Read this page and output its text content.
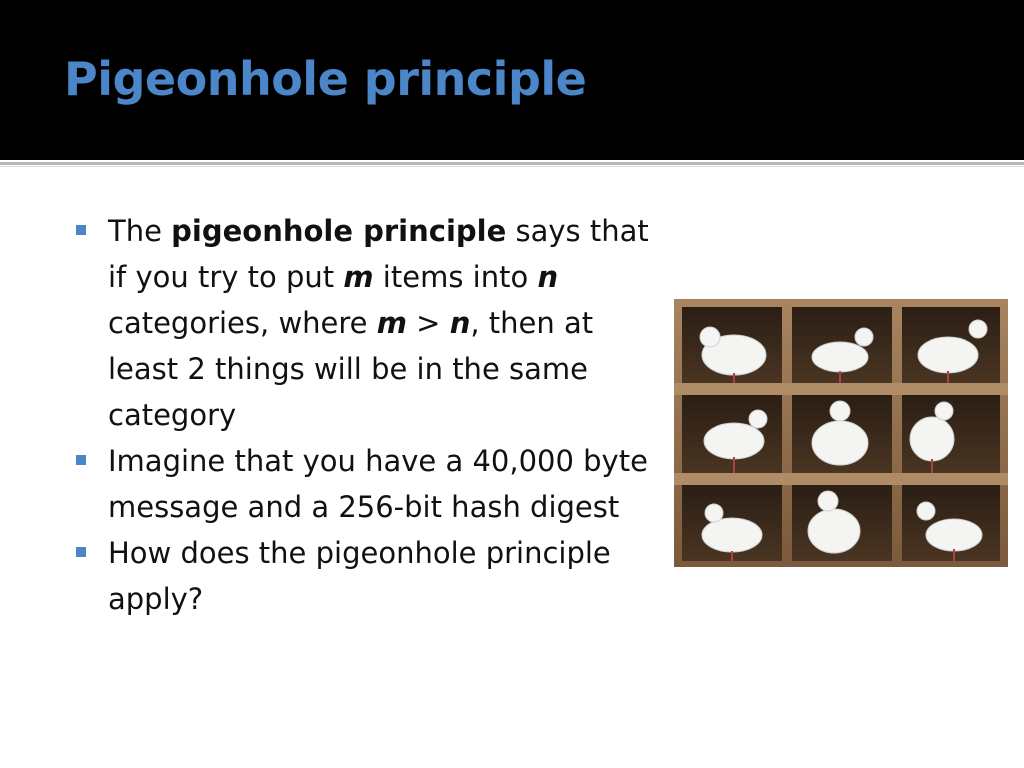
Pigeonhole principle
The pigeonhole principle says that if you try to put m items into n categories, where m > n, then at least 2 things will be in the same category
Imagine that you have a 40,000 byte message and a 256-bit hash digest
How does the pigeonhole principle apply?
